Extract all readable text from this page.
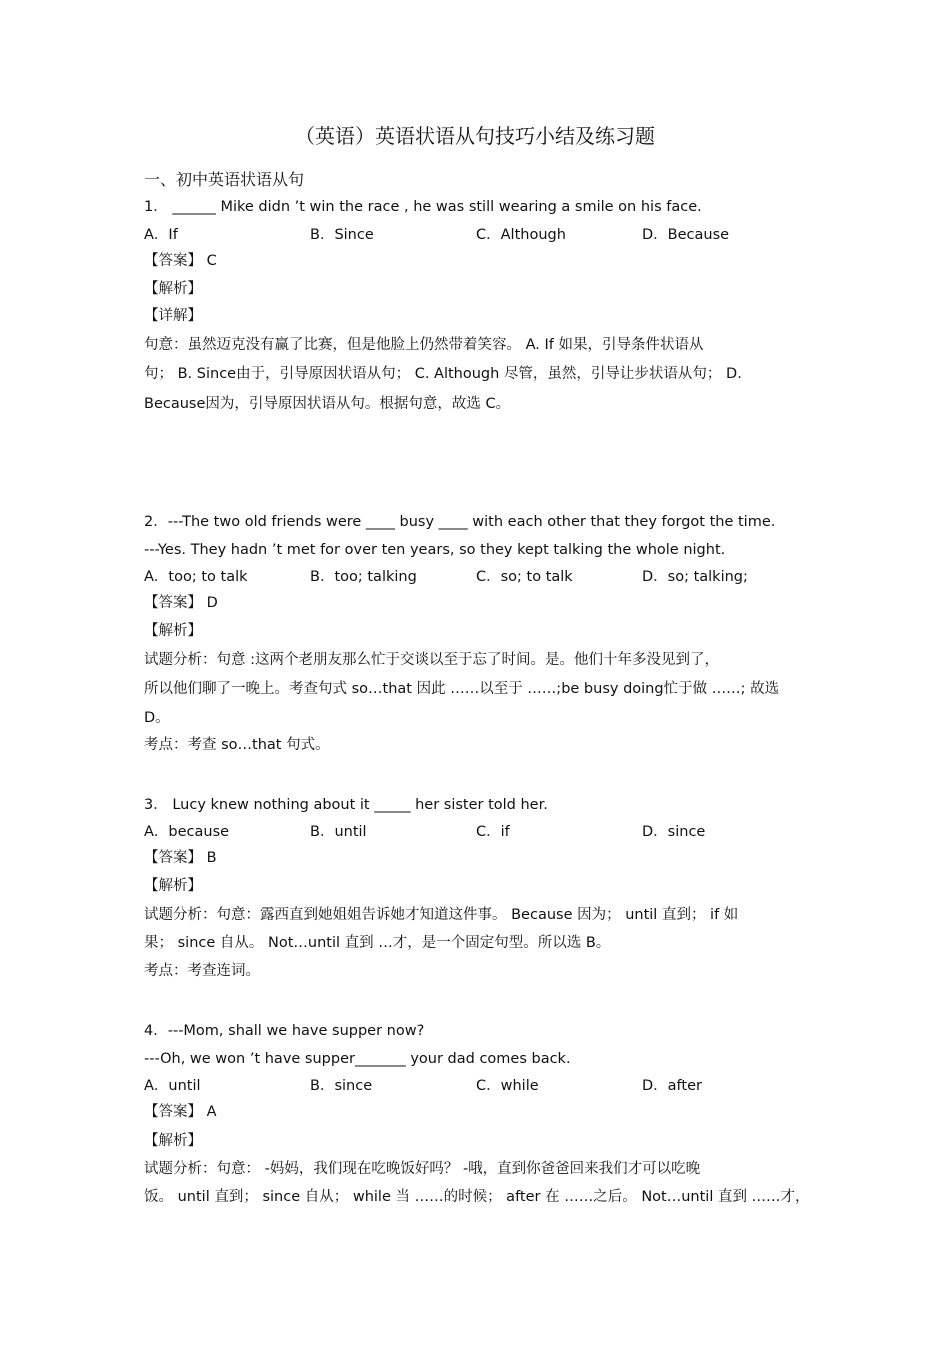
（英语）英语状语从句技巧小结及练习题
一、初中英语状语从句
1． ______ Mike didn ’t win the race , he was still wearing a smile on his face.
A．If	B．Since	C．Although	D．Because
【答案】 C
【解析】
【详解】
句意：虽然迈克没有赢了比赛，但是他脸上仍然带着笑容。 A. If 如果，引导条件状语从
句； B. Since由于，引导原因状语从句； C. Although 尽管，虽然，引导让步状语从句； D.
Because因为，引导原因状语从句。根据句意，故选 C。
2．---The two old friends were ____ busy ____ with each other that they forgot the time.
---Yes. They hadn ’t met for over ten years, so they kept talking the whole night.
A．too; to talk	B．too; talking	C．so; to talk	D．so; talking;
【答案】 D
【解析】
试题分析：句意 :这两个老朋友那么忙于交谈以至于忘了时间。是。他们十年多没见到了，
所以他们聊了一晚上。考查句式 so…that 因此 ……以至于 ……;be busy doing忙于做 ……; 故选
D。
考点：考查 so…that 句式。
3． Lucy knew nothing about it _____ her sister told her.
A．because	B．until	C．if	D．since
【答案】 B
【解析】
试题分析：句意：露西直到她姐姐告诉她才知道这件事。 Because 因为； until 直到； if 如
果； since 自从。 Not…until 直到 …才，是一个固定句型。所以选 B。
考点：考查连词。
4．---Mom, shall we have supper now?
---Oh, we won ’t have supper_______ your dad comes back.
A．until	B．since	C．while	D．after
【答案】 A
【解析】
试题分析：句意： -妈妈，我们现在吃晚饭好吗？ -哦，直到你爸爸回来我们才可以吃晚
饭。 until 直到； since 自从； while 当 ……的时候； after 在 ……之后。 Not…until 直到 ……才，
